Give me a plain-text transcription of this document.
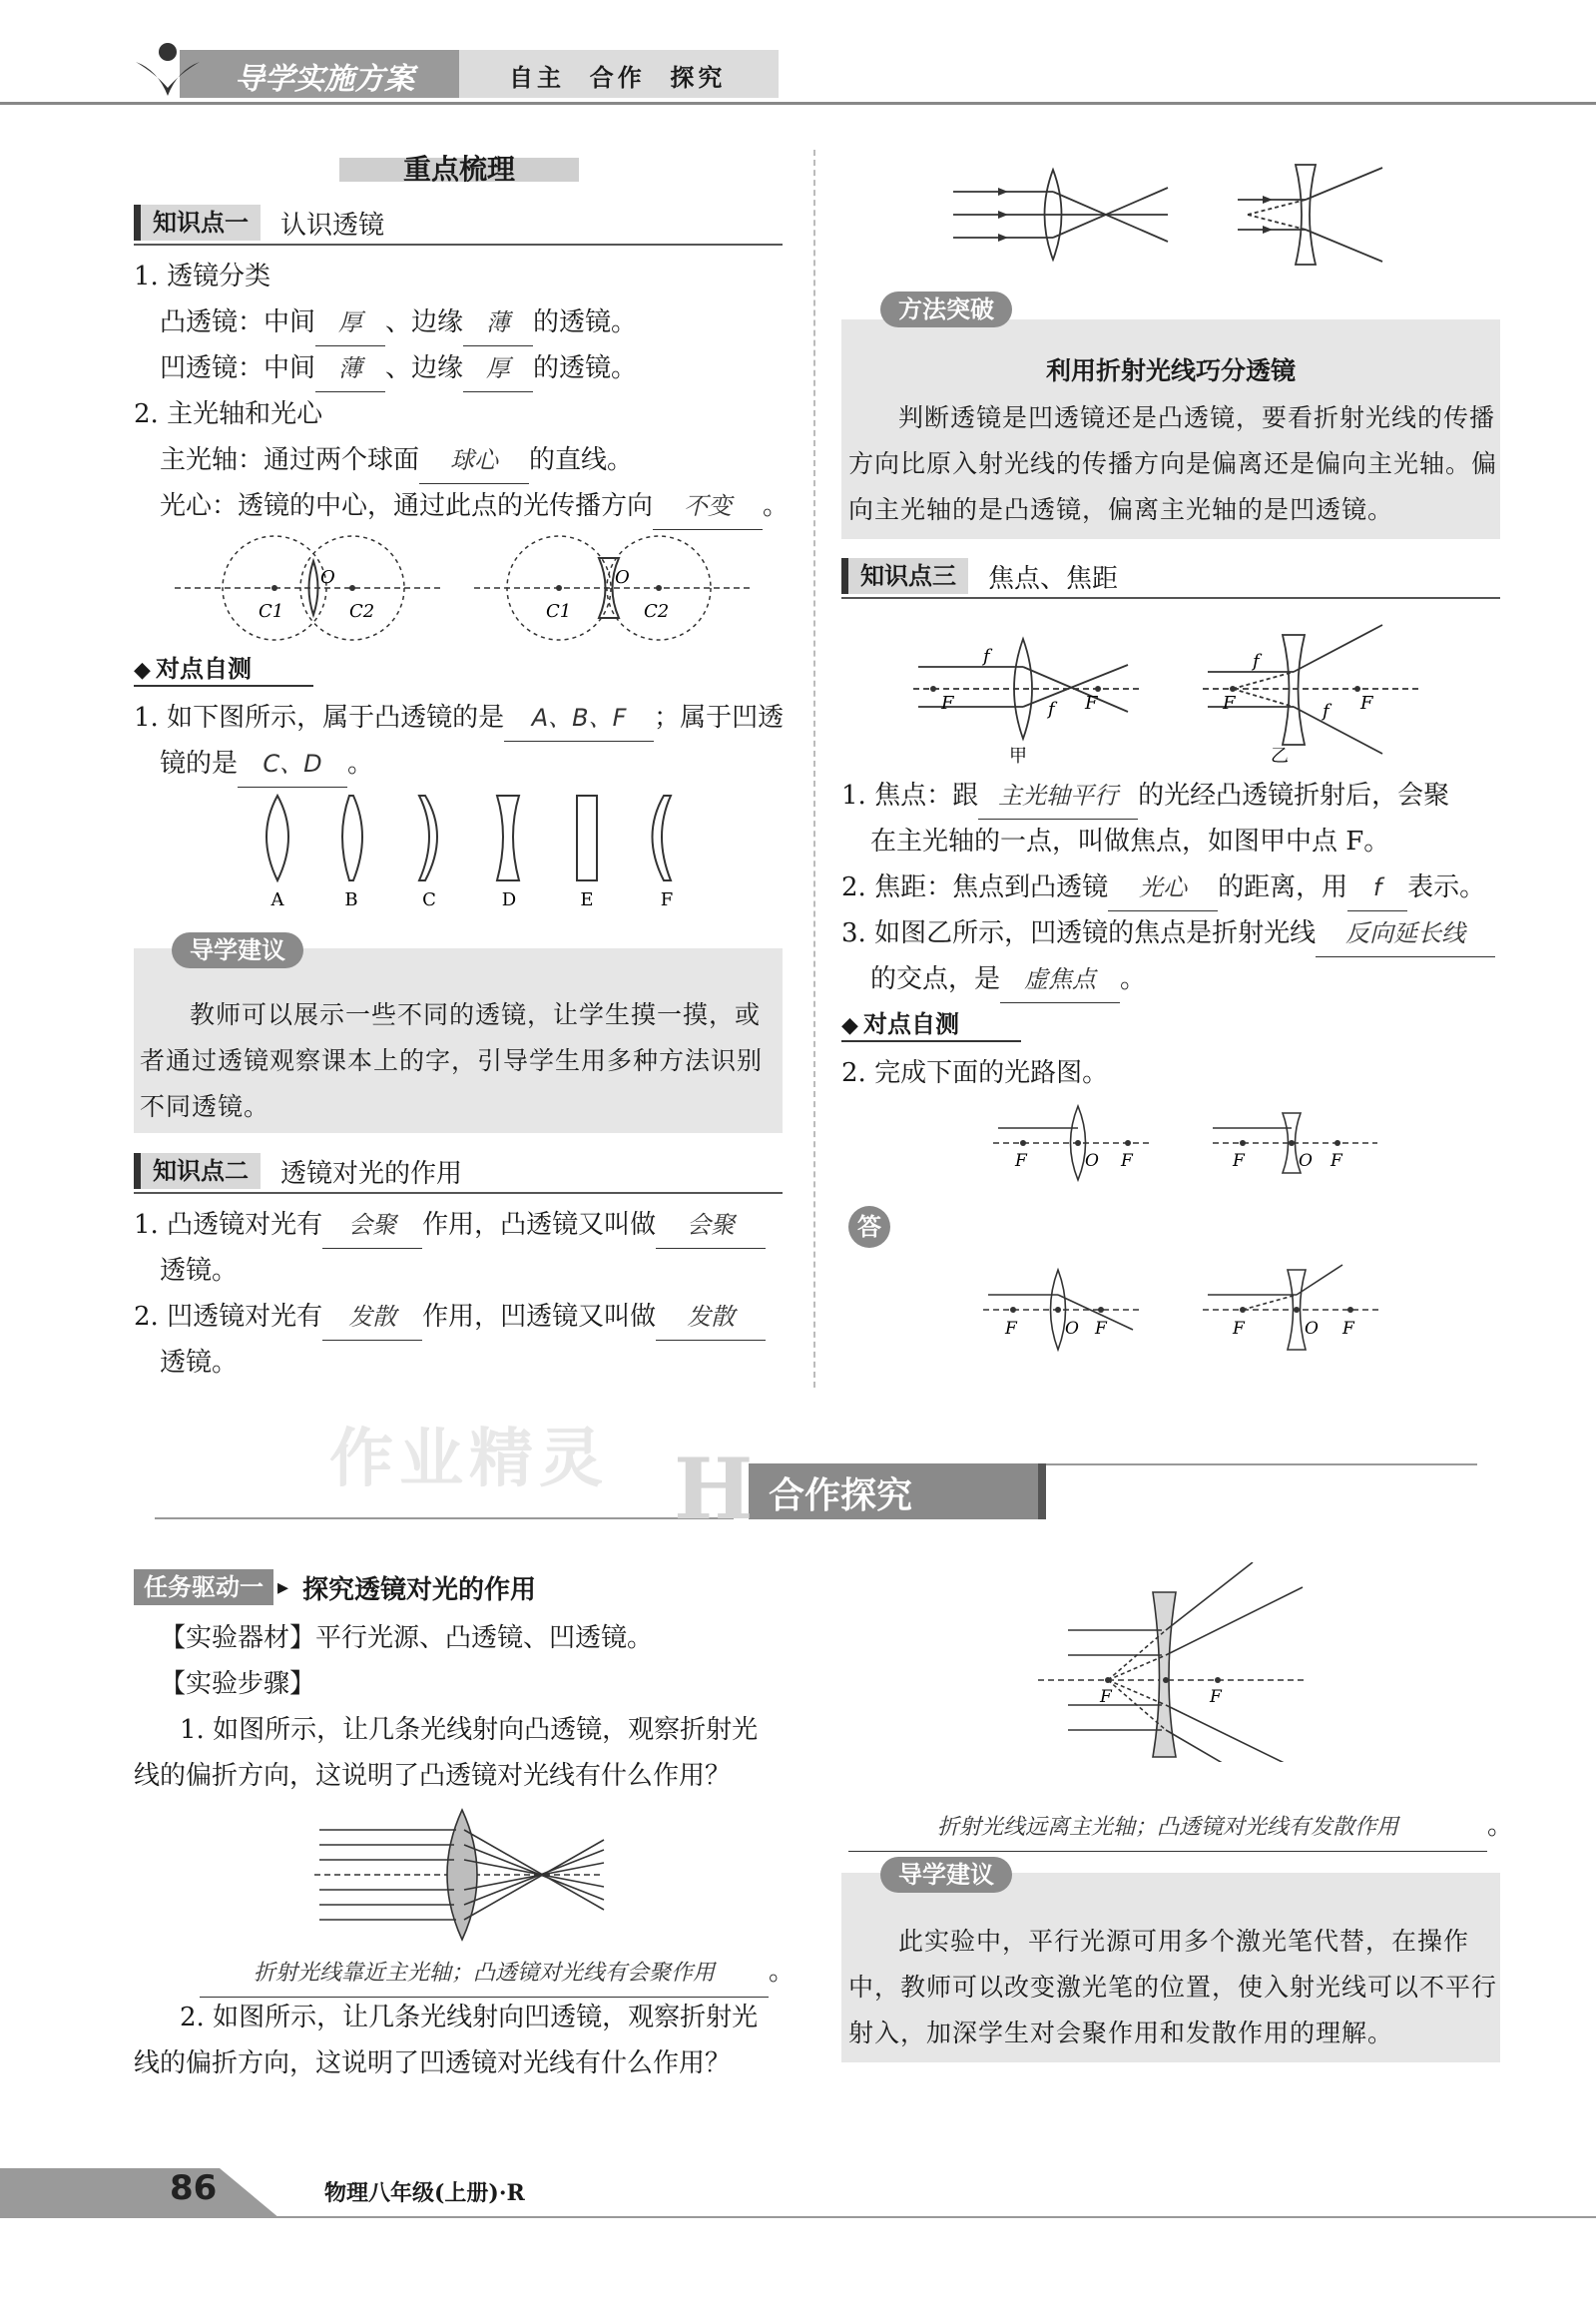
导学实施方案	自主  合作  探究
重点梳理
知识点一	认识透镜
1. 透镜分类
凸透镜：中间 厚 、边缘 薄 的透镜。
凹透镜：中间 薄 、边缘 厚 的透镜。
2. 主光轴和光心
主光轴：通过两个球面 球心 的直线。
光心：透镜的中心，通过此点的光传播方向 不变 。
C1	C2
O
C1	C2
O
◆ 对点自测
1. 如下图所示，属于凸透镜的是 A、B、F ；属于凹透
镜的是 C、D 。
A	B	C	D	E	F
导学建议
教师可以展示一些不同的透镜，让学生摸一摸，或者通过透镜观察课本上的字，引导学生用多种方法识别不同透镜。
知识点二	透镜对光的作用
1. 凸透镜对光有 会聚 作用，凸透镜又叫做 会聚
透镜。
2. 凹透镜对光有 发散 作用，凹透镜又叫做 发散
透镜。
方法突破
利用折射光线巧分透镜
判断透镜是凹透镜还是凸透镜，要看折射光线的传播方向比原入射光线的传播方向是偏离还是偏向主光轴。偏向主光轴的是凸透镜，偏离主光轴的是凹透镜。
知识点三	焦点、焦距
F
f
f F	F
f
f F
甲	乙
1. 焦点：跟 主光轴平行 的光经凸透镜折射后，会聚
在主光轴的一点，叫做焦点，如图甲中点 F。
2. 焦距：焦点到凸透镜 光心 的距离，用 f 表示。
3. 如图乙所示，凹透镜的焦点是折射光线 反向延长线
的交点，是 虚焦点 。
◆ 对点自测
2. 完成下面的光路图。
F	O F	F	O F
答
F	O F	F	O F
作业精灵 H 合作探究
任务驱动一 ▸ 探究透镜对光的作用
【实验器材】平行光源、凸透镜、凹透镜。
【实验步骤】
1. 如图所示，让几条光线射向凸透镜，观察折射光
线的偏折方向，这说明了凸透镜对光线有什么作用？
折射光线靠近主光轴；凸透镜对光线有会聚作用 。
2. 如图所示，让几条光线射向凹透镜，观察折射光
线的偏折方向，这说明了凹透镜对光线有什么作用？
F	F
折射光线远离主光轴；凸透镜对光线有发散作用	。
导学建议
此实验中，平行光源可用多个激光笔代替，在操作中，教师可以改变激光笔的位置，使入射光线可以不平行射入，加深学生对会聚作用和发散作用的理解。
86	物理八年级(上册)·R
